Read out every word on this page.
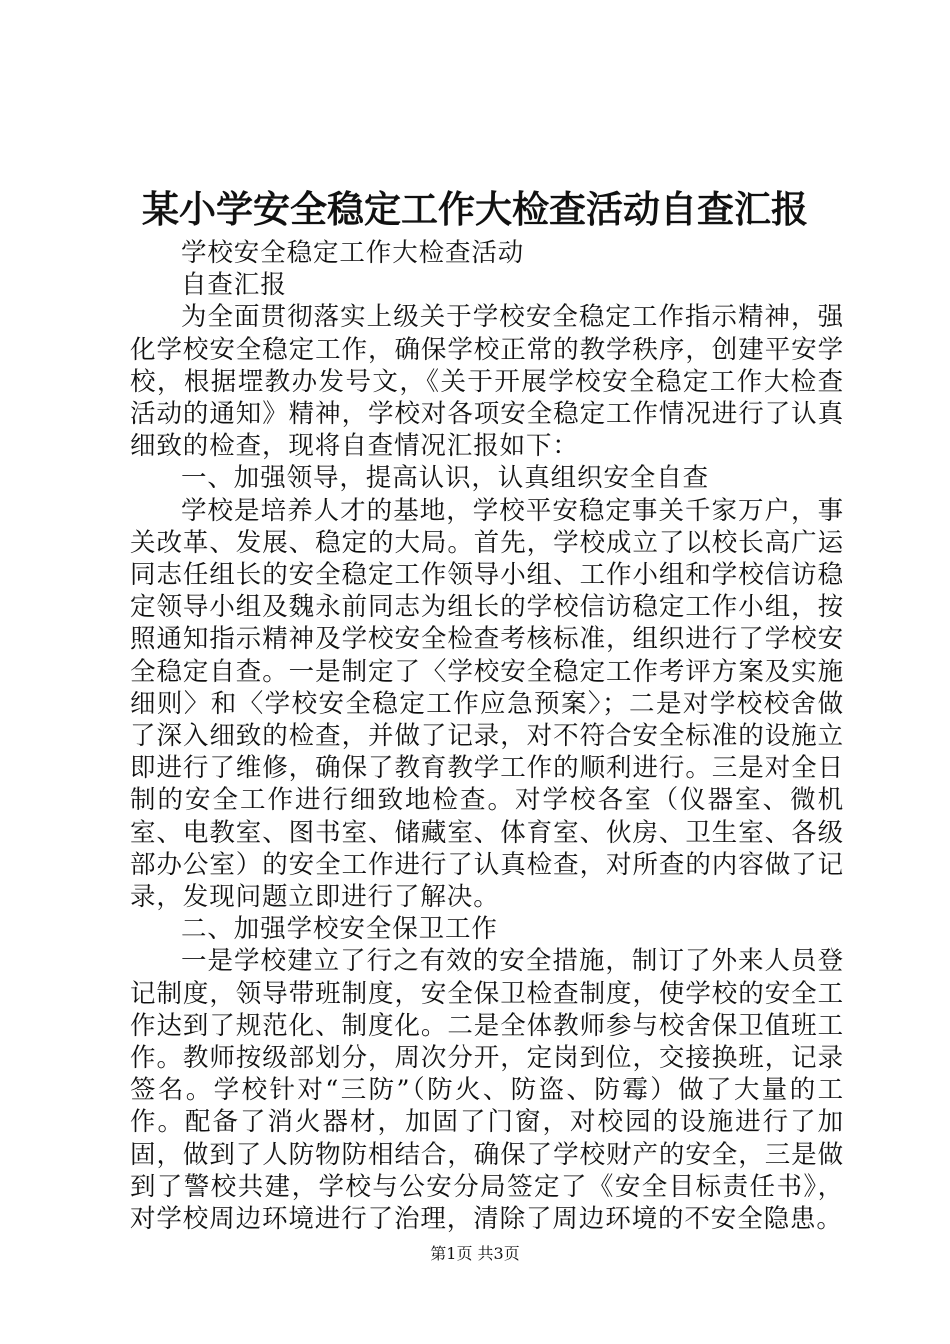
某小学安全稳定工作大检查活动自查汇报

学校安全稳定工作大检查活动

自查汇报

为全面贯彻落实上级关于学校安全稳定工作指示精神，强化学校安全稳定工作，确保学校正常的教学秩序，创建平安学校，根据堽教办发号文，《关于开展学校安全稳定工作大检查活动的通知》精神，学校对各项安全稳定工作情况进行了认真细致的检查，现将自查情况汇报如下：

一、加强领导，提高认识，认真组织安全自查

学校是培养人才的基地，学校平安稳定事关千家万户，事关改革、发展、稳定的大局。首先，学校成立了以校长高广运同志任组长的安全稳定工作领导小组、工作小组和学校信访稳定领导小组及魏永前同志为组长的学校信访稳定工作小组，按照通知指示精神及学校安全检查考核标准，组织进行了学校安全稳定自查。一是制定了〈学校安全稳定工作考评方案及实施细则〉和〈学校安全稳定工作应急预案〉；二是对学校校舍做了深入细致的检查，并做了记录，对不符合安全标准的设施立即进行了维修，确保了教育教学工作的顺利进行。三是对全日制的安全工作进行细致地检查。对学校各室（仪器室、微机室、电教室、图书室、储藏室、体育室、伙房、卫生室、各级部办公室）的安全工作进行了认真检查，对所查的内容做了记录，发现问题立即进行了解决。

二、加强学校安全保卫工作

一是学校建立了行之有效的安全措施，制订了外来人员登记制度，领导带班制度，安全保卫检查制度，使学校的安全工作达到了规范化、制度化。二是全体教师参与校舍保卫值班工作。教师按级部划分，周次分开，定岗到位，交接换班，记录签名。学校针对“三防”（防火、防盗、防霉）做了大量的工作。配备了消火器材，加固了门窗，对校园的设施进行了加固，做到了人防物防相结合，确保了学校财产的安全，三是做到了警校共建，学校与公安分局签定了《安全目标责任书》，对学校周边环境进行了治理，清除了周边环境的不安全隐患。

第1页 共3页
